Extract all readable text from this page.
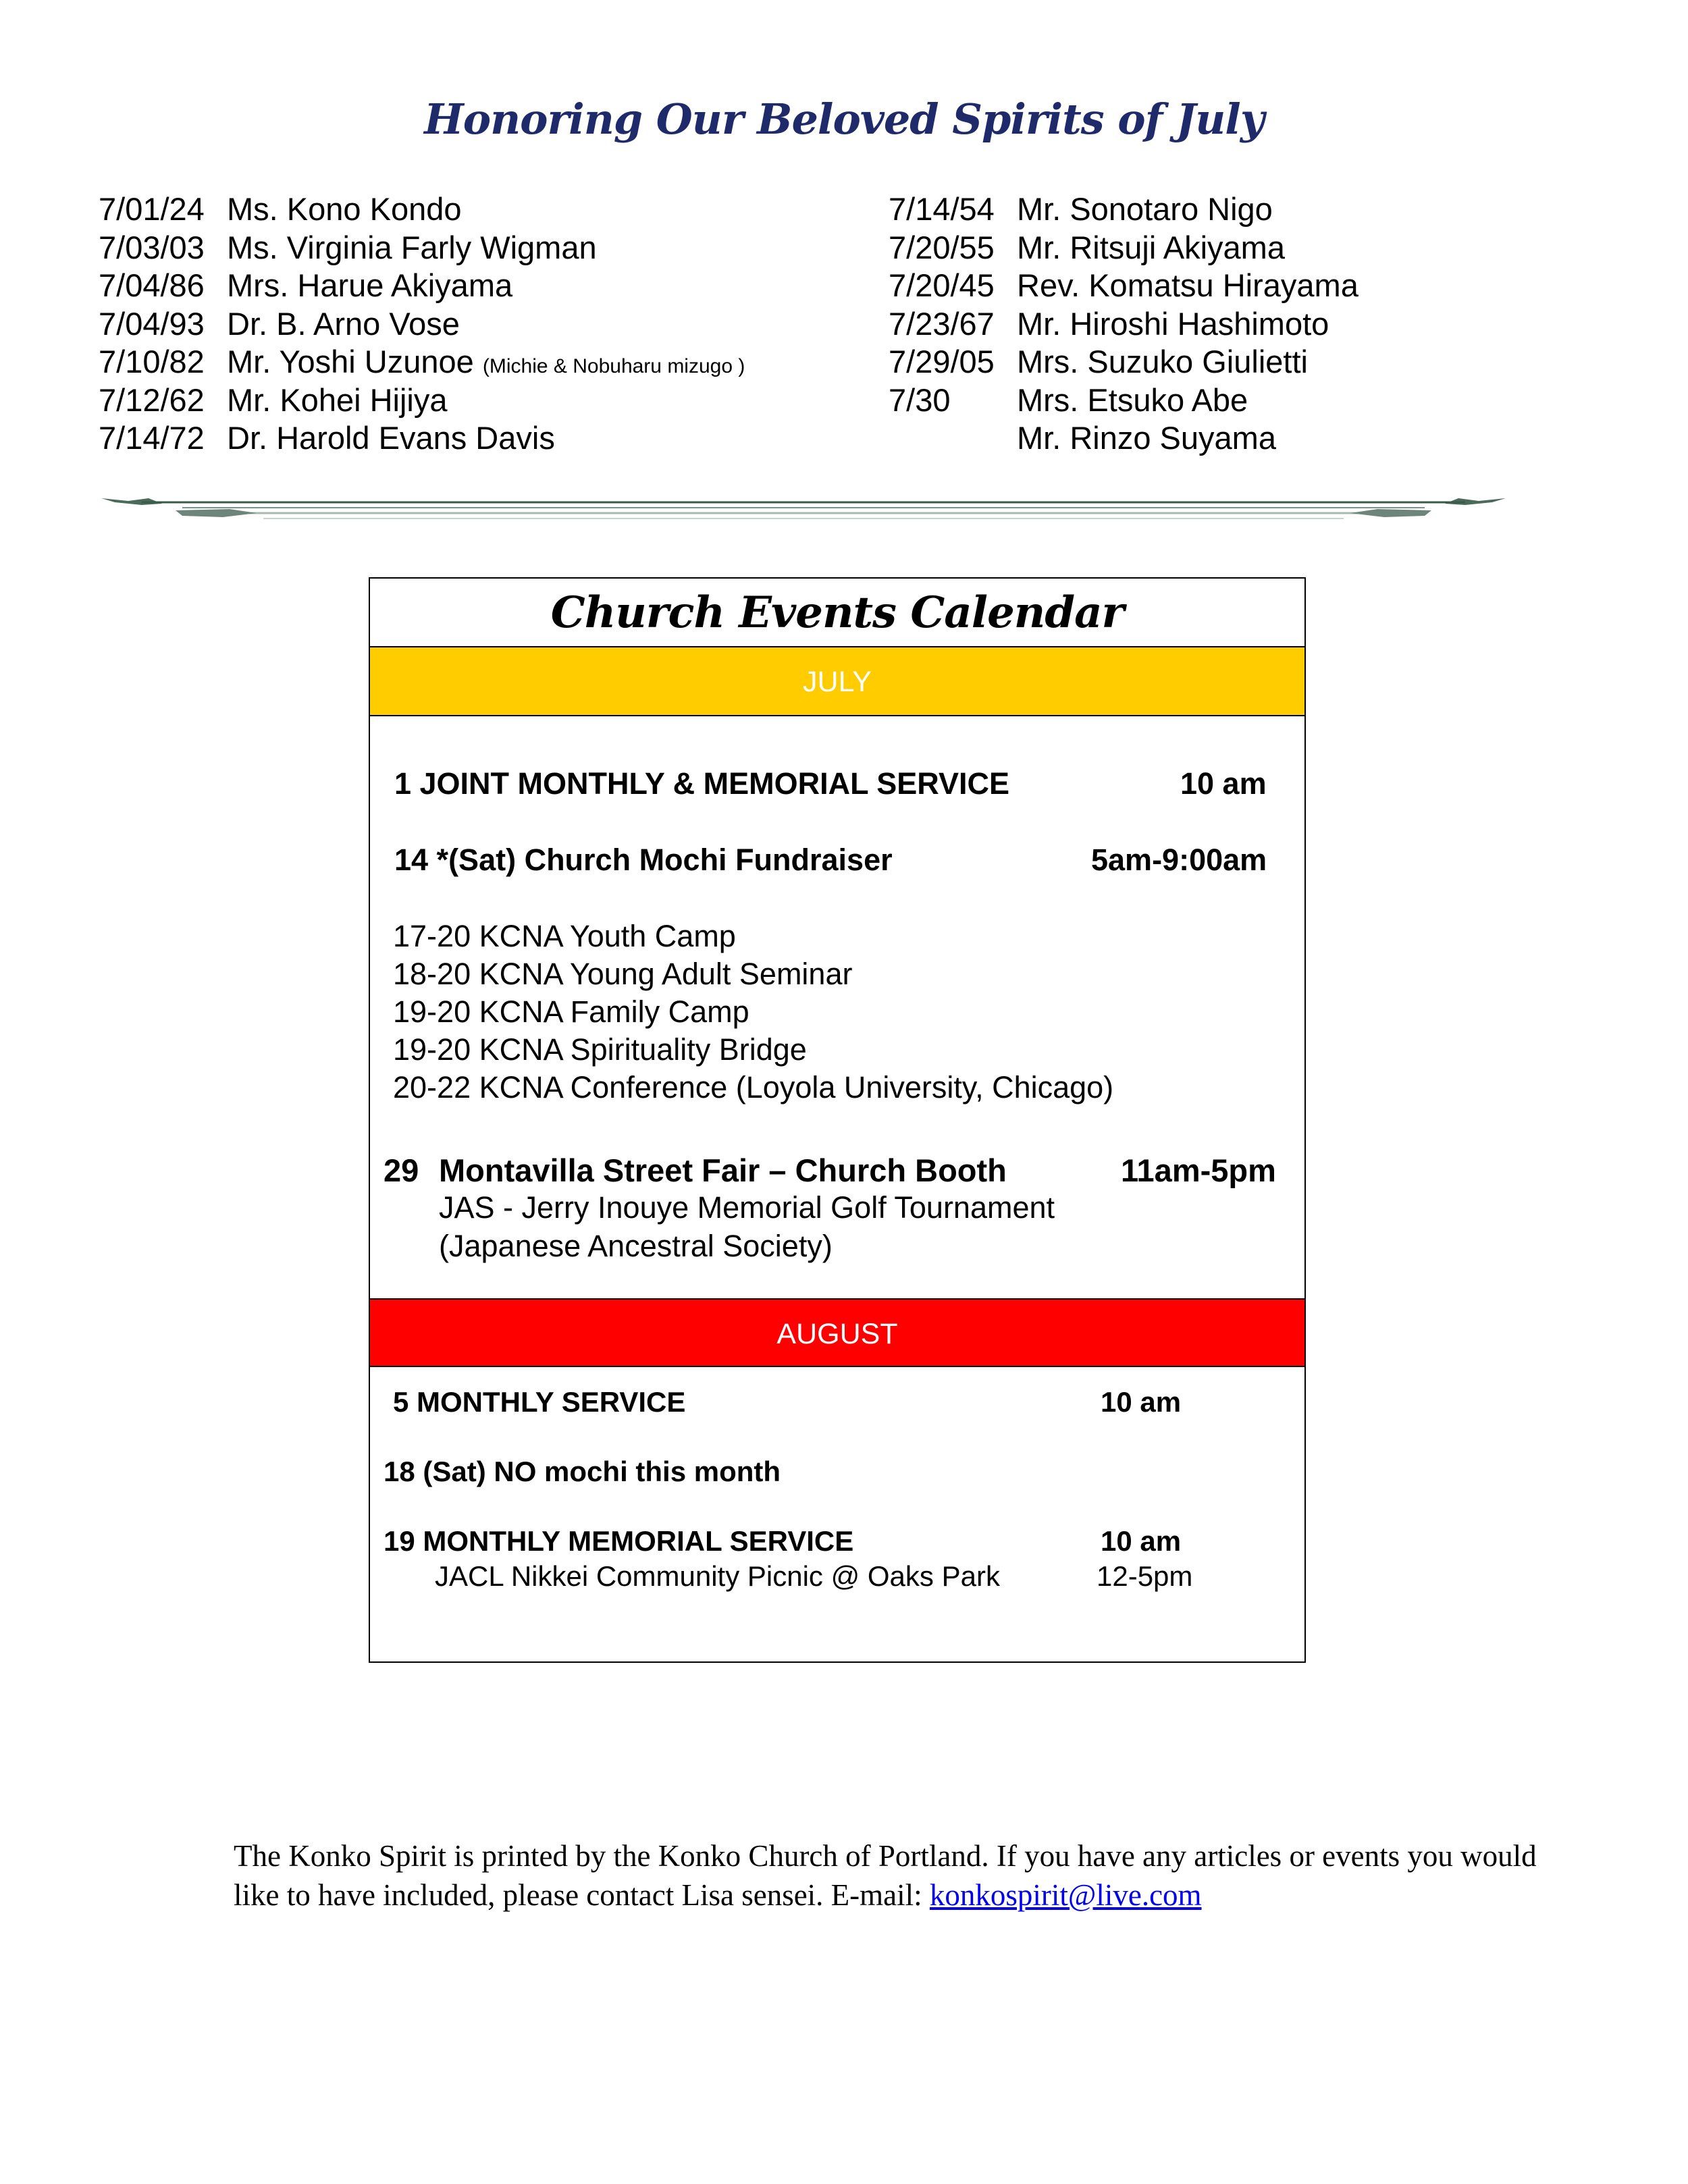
Honoring Our Beloved Spirits of July
7/01/24 Ms. Kono Kondo
7/03/03 Ms. Virginia Farly Wigman
7/04/86 Mrs. Harue Akiyama
7/04/93 Dr. B. Arno Vose
7/10/82 Mr. Yoshi Uzunoe (Michie & Nobuharu mizugo )
7/12/62 Mr. Kohei Hijiya
7/14/72 Dr. Harold Evans Davis
7/14/54 Mr. Sonotaro Nigo
7/20/55 Mr. Ritsuji Akiyama
7/20/45 Rev. Komatsu Hirayama
7/23/67 Mr. Hiroshi Hashimoto
7/29/05 Mrs. Suzuko Giulietti
7/30 Mrs. Etsuko Abe
Mr. Rinzo Suyama
Church Events Calendar
JULY
1 JOINT MONTHLY & MEMORIAL SERVICE	10 am
14 *(Sat) Church Mochi Fundraiser	5am-9:00am
17-20 KCNA Youth Camp
18-20 KCNA Young Adult Seminar
19-20 KCNA Family Camp
19-20 KCNA Spirituality Bridge
20-22 KCNA Conference (Loyola University, Chicago)
29 Montavilla Street Fair – Church Booth	11am-5pm
JAS - Jerry Inouye Memorial Golf Tournament
(Japanese Ancestral Society)
AUGUST
5 MONTHLY SERVICE	10 am
18 (Sat) NO mochi this month
19 MONTHLY MEMORIAL SERVICE	10 am
JACL Nikkei Community Picnic @ Oaks Park	12-5pm
The Konko Spirit is printed by the Konko Church of Portland. If you have any articles or events you would like to have included, please contact Lisa sensei. E-mail: konkospirit@live.com
